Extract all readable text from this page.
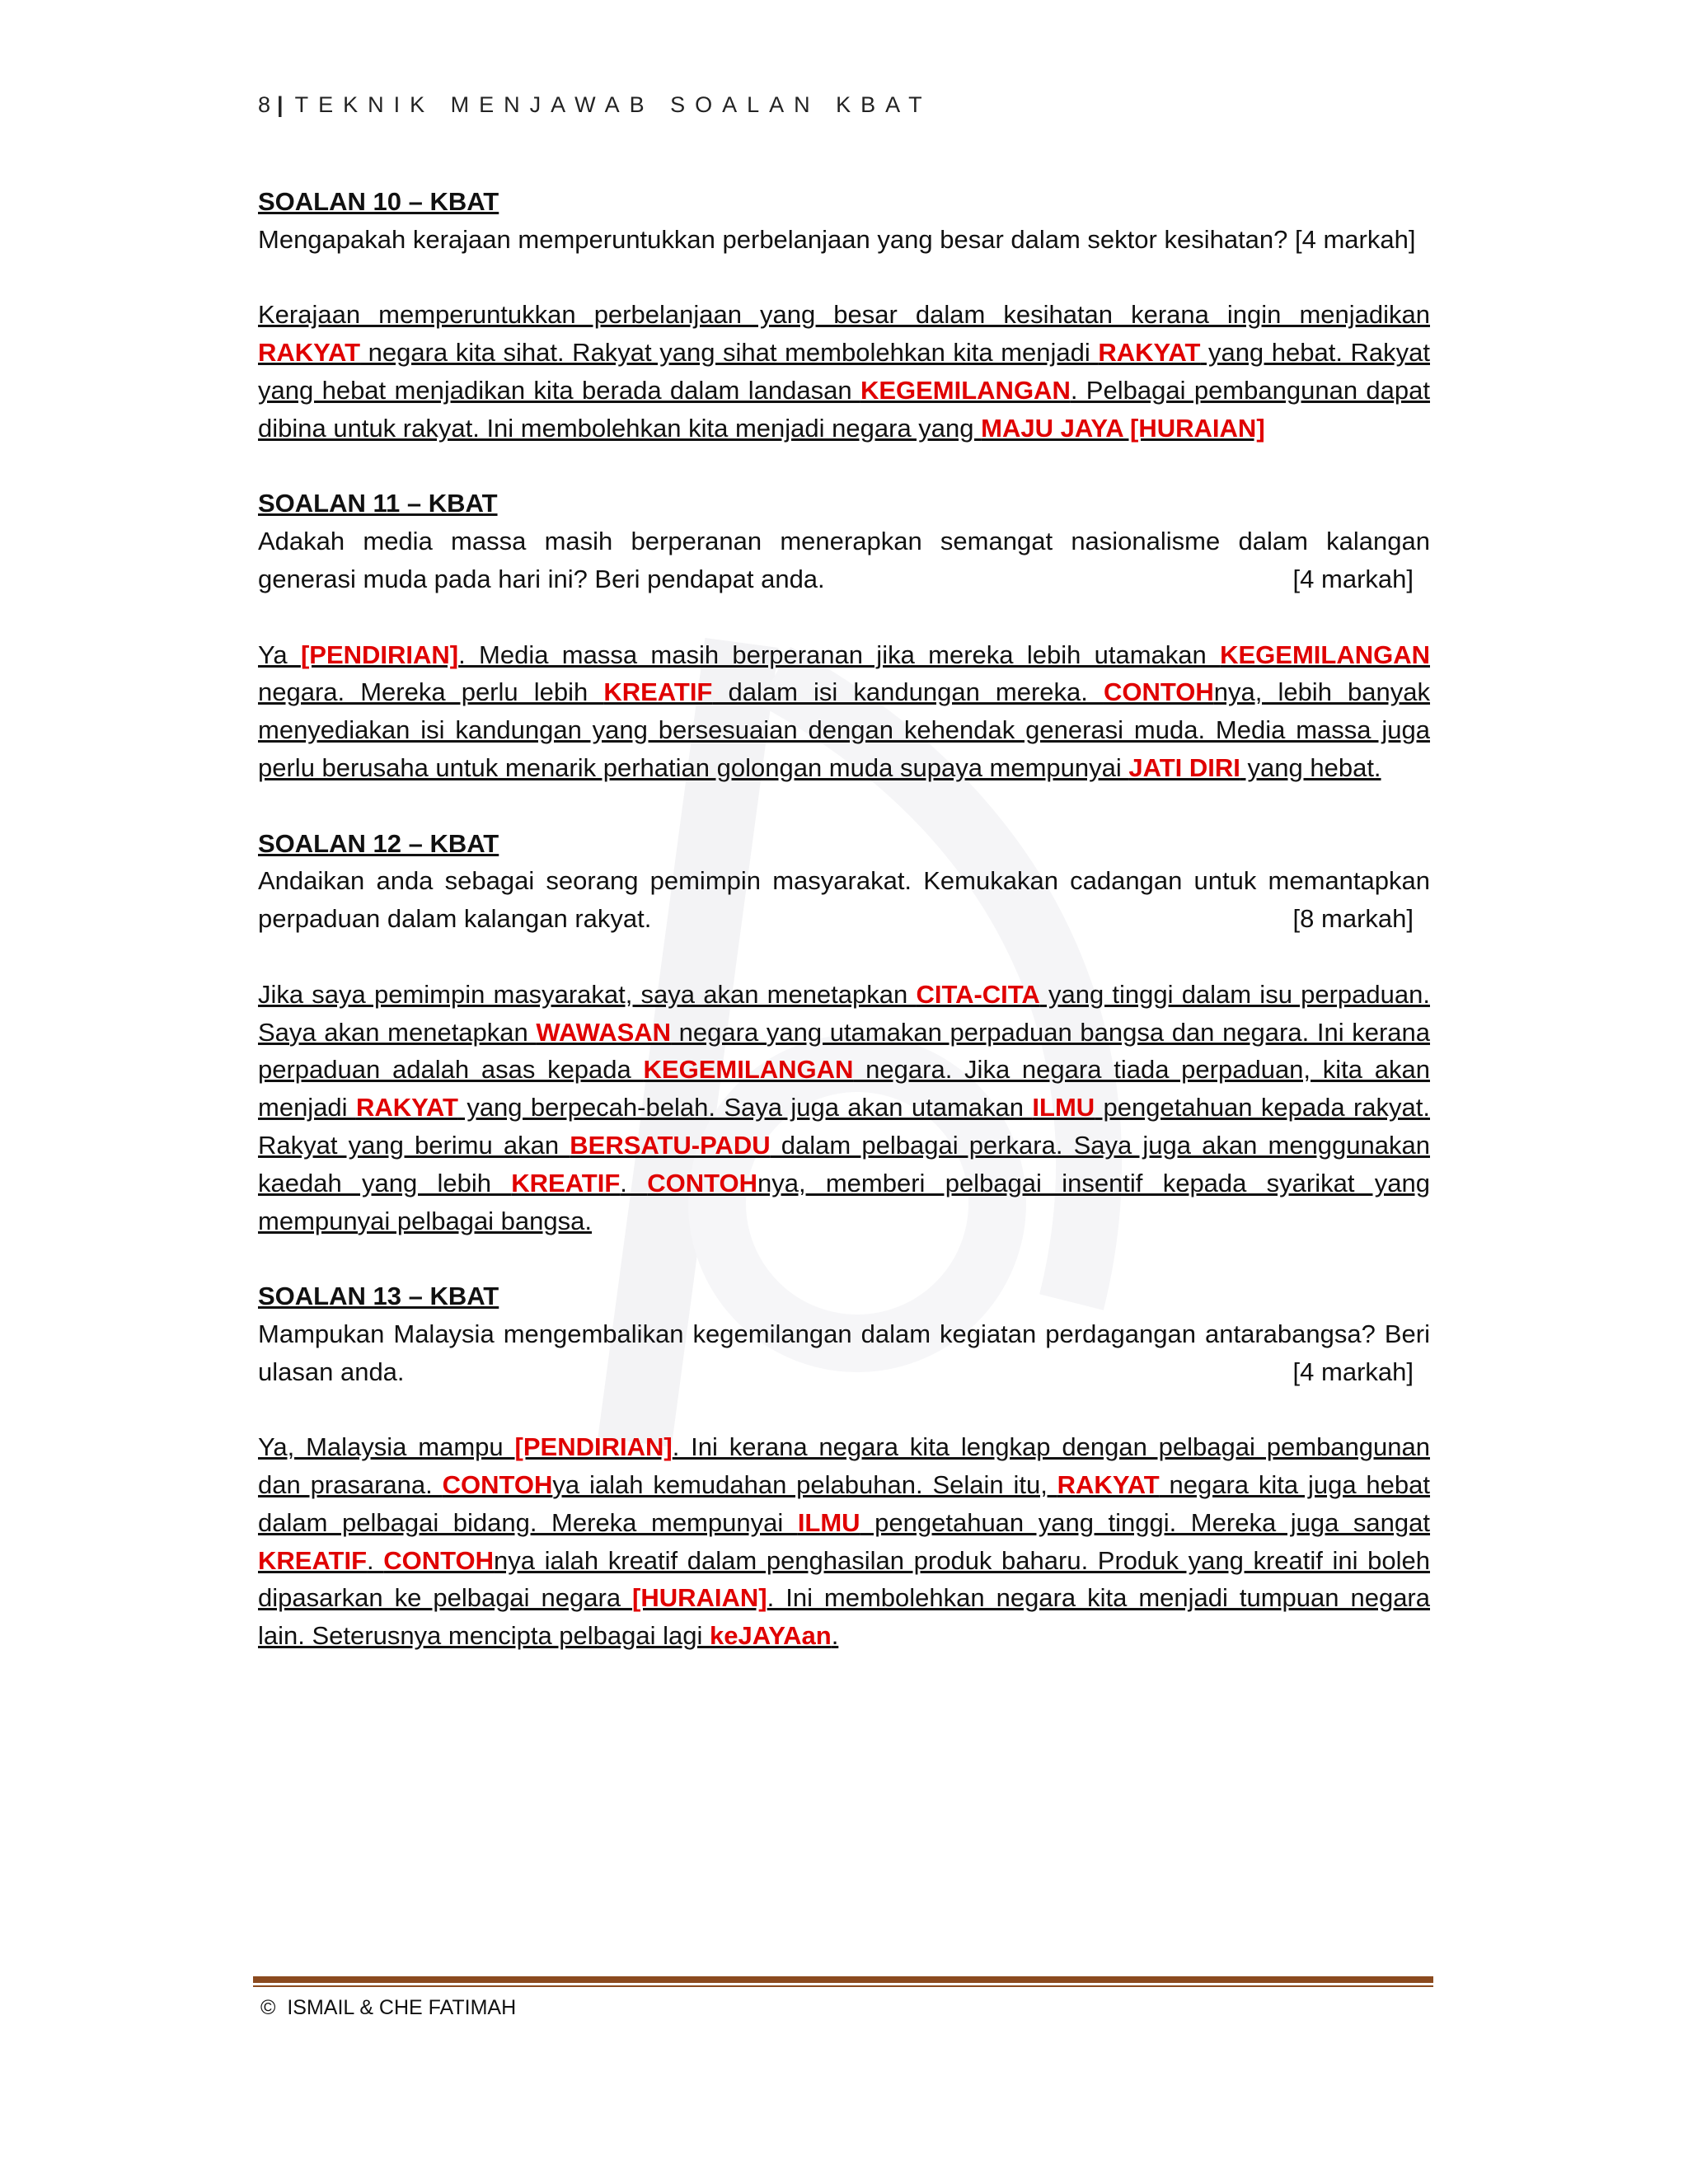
8|TEKNIK MENJAWAB SOALAN KBAT

SOALAN 10 – KBAT

Mengapakah kerajaan memperuntukkan perbelanjaan yang besar dalam sektor kesihatan? [4 markah]

Kerajaan memperuntukkan perbelanjaan yang besar dalam kesihatan kerana ingin menjadikan RAKYAT negara kita sihat. Rakyat yang sihat membolehkan kita menjadi RAKYAT yang hebat. Rakyat yang hebat menjadikan kita berada dalam landasan KEGEMILANGAN. Pelbagai pembangunan dapat dibina untuk rakyat. Ini membolehkan kita menjadi negara yang MAJU JAYA [HURAIAN]

SOALAN 11 – KBAT

Adakah media massa masih berperanan menerapkan semangat nasionalisme dalam kalangan generasi muda pada hari ini? Beri pendapat anda.	[4 markah]

Ya [PENDIRIAN]. Media massa masih berperanan jika mereka lebih utamakan KEGEMILANGAN negara. Mereka perlu lebih KREATIF dalam isi kandungan mereka. CONTOHnya, lebih banyak menyediakan isi kandungan yang bersesuaian dengan kehendak generasi muda. Media massa juga perlu berusaha untuk menarik perhatian golongan muda supaya mempunyai JATI DIRI yang hebat.

SOALAN 12 – KBAT

Andaikan anda sebagai seorang pemimpin masyarakat. Kemukakan cadangan untuk memantapkan perpaduan dalam kalangan rakyat.	[8 markah]

Jika saya pemimpin masyarakat, saya akan menetapkan CITA-CITA yang tinggi dalam isu perpaduan. Saya akan menetapkan WAWASAN negara yang utamakan perpaduan bangsa dan negara. Ini kerana perpaduan adalah asas kepada KEGEMILANGAN negara. Jika negara tiada perpaduan, kita akan menjadi RAKYAT yang berpecah-belah. Saya juga akan utamakan ILMU pengetahuan kepada rakyat. Rakyat yang berimu akan BERSATU-PADU dalam pelbagai perkara. Saya juga akan menggunakan kaedah yang lebih KREATIF. CONTOHnya, memberi pelbagai insentif kepada syarikat yang mempunyai pelbagai bangsa.

SOALAN 13 – KBAT

Mampukan Malaysia mengembalikan kegemilangan dalam kegiatan perdagangan antarabangsa? Beri ulasan anda.	[4 markah]

Ya, Malaysia mampu [PENDIRIAN]. Ini kerana negara kita lengkap dengan pelbagai pembangunan dan prasarana. CONTOHya ialah kemudahan pelabuhan. Selain itu, RAKYAT negara kita juga hebat dalam pelbagai bidang. Mereka mempunyai ILMU pengetahuan yang tinggi. Mereka juga sangat KREATIF. CONTOHnya ialah kreatif dalam penghasilan produk baharu. Produk yang kreatif ini boleh dipasarkan ke pelbagai negara [HURAIAN]. Ini membolehkan negara kita menjadi tumpuan negara lain. Seterusnya mencipta pelbagai lagi keJAYAan.

© ISMAIL & CHE FATIMAH
